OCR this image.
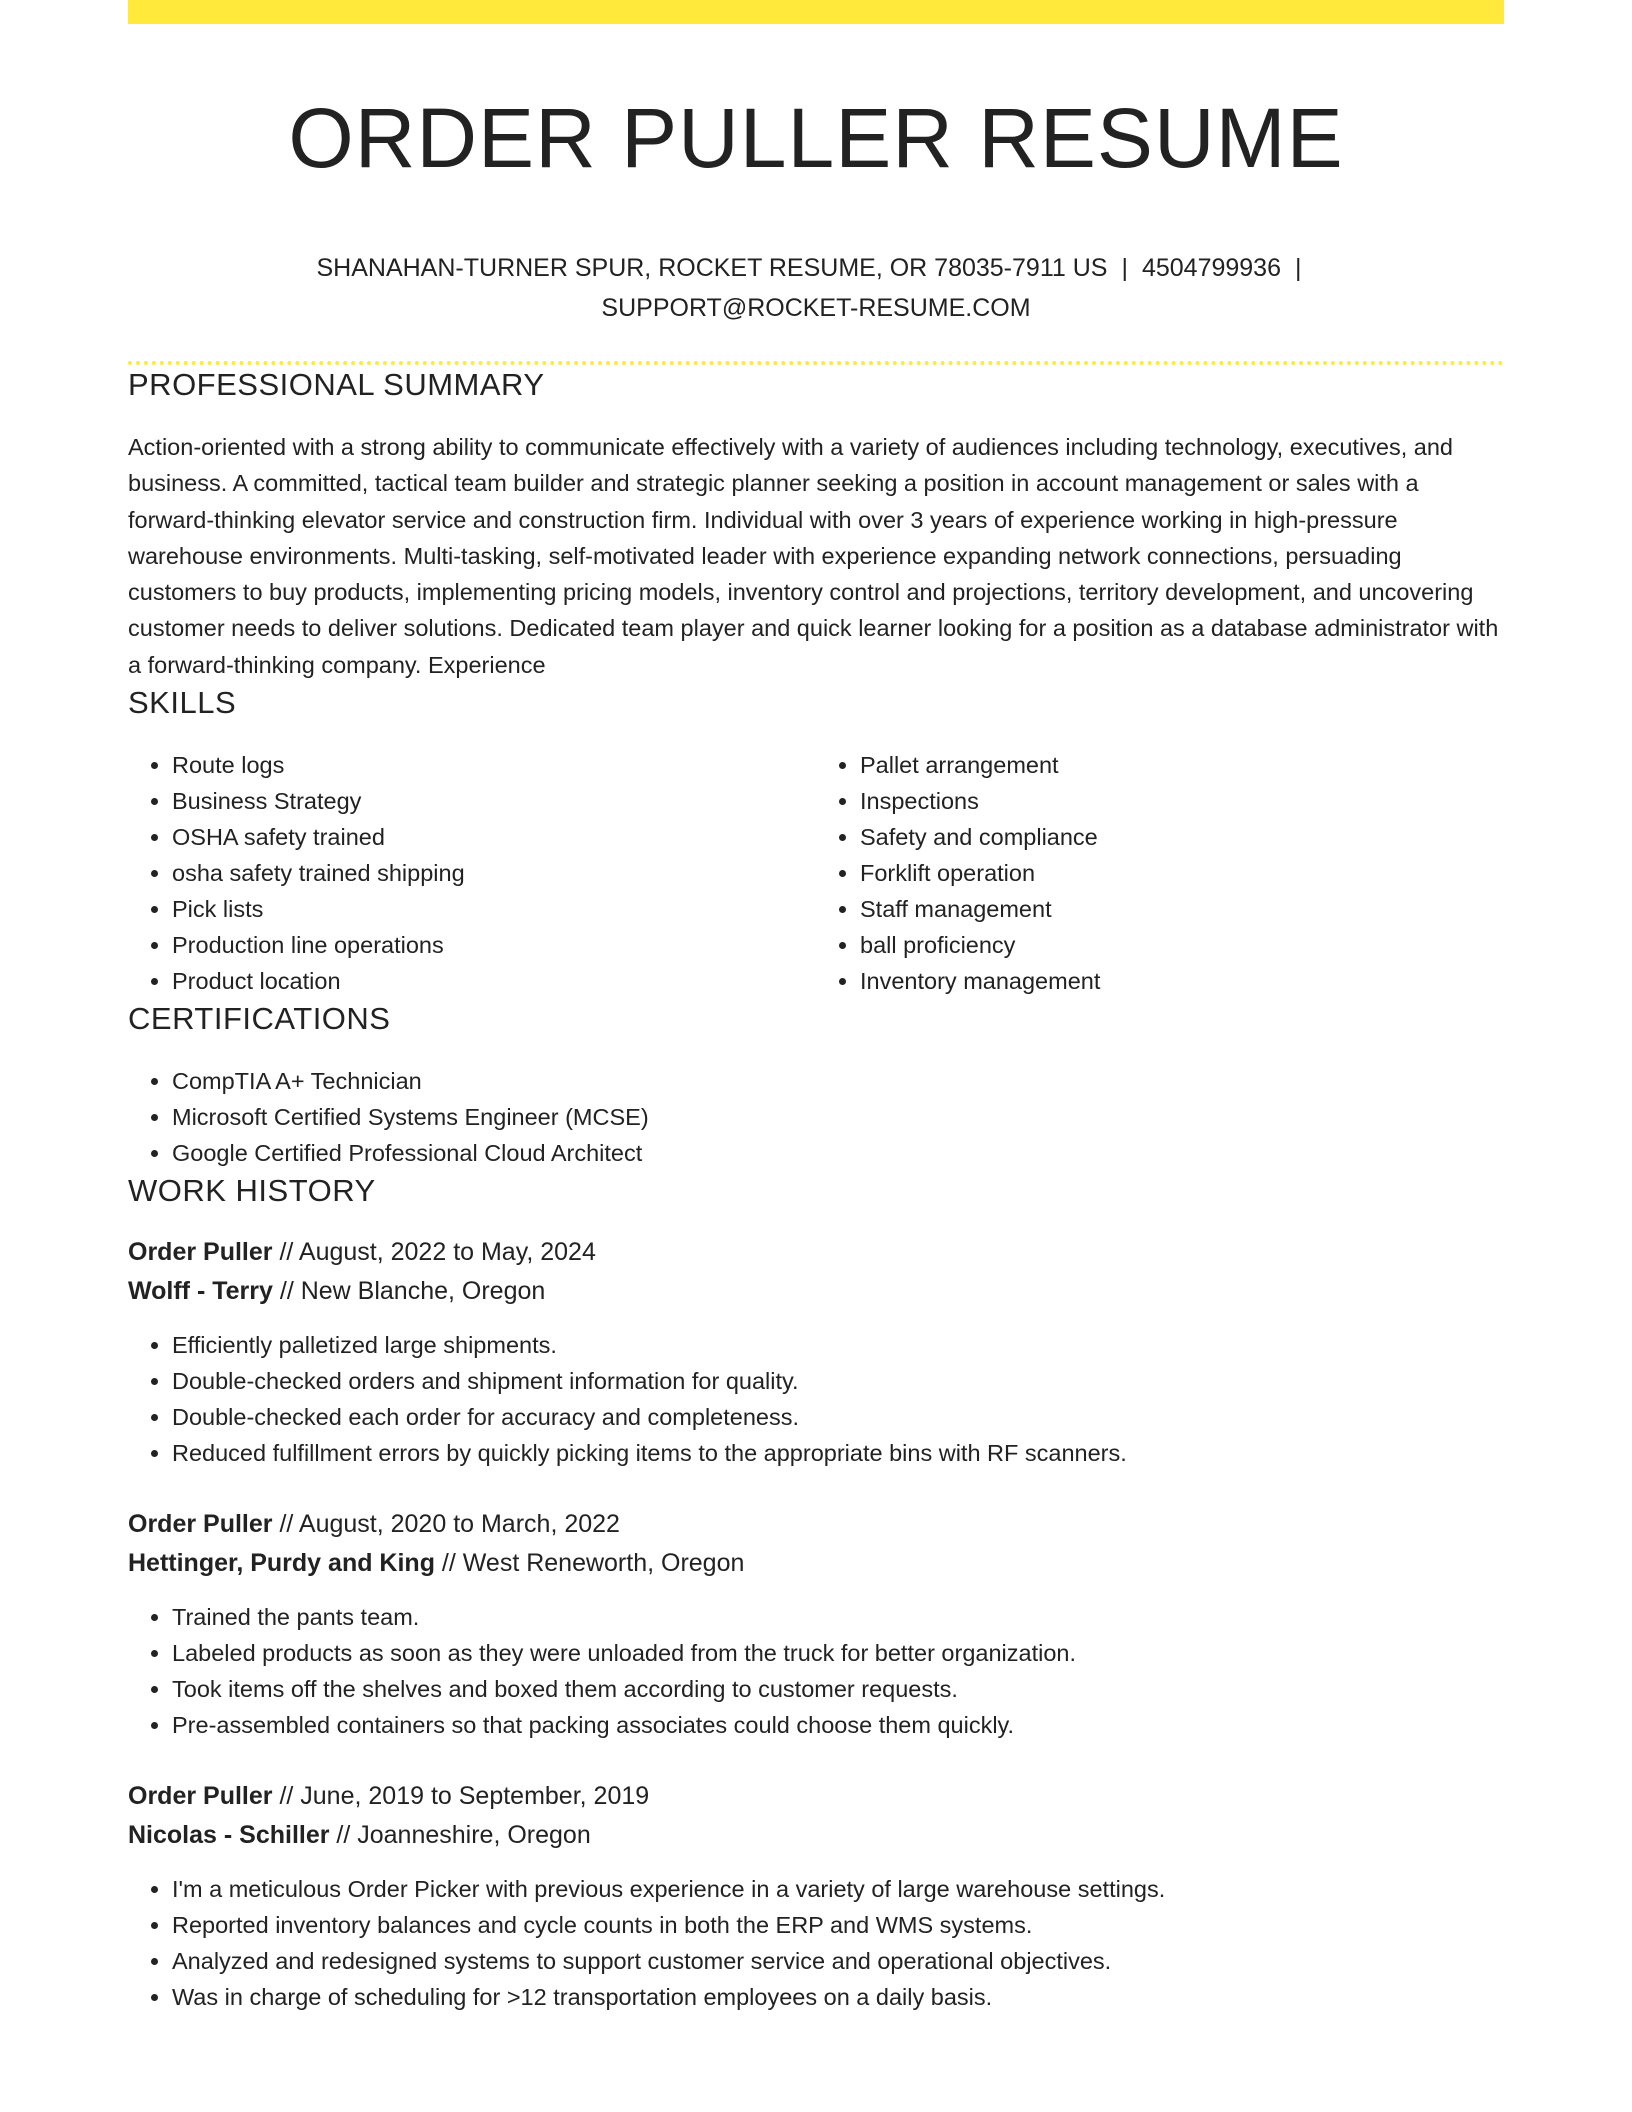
ORDER PULLER RESUME
SHANAHAN-TURNER SPUR, ROCKET RESUME, OR 78035-7911 US | 4504799936 |
SUPPORT@ROCKET-RESUME.COM
PROFESSIONAL SUMMARY
Action-oriented with a strong ability to communicate effectively with a variety of audiences including technology, executives, and business. A committed, tactical team builder and strategic planner seeking a position in account management or sales with a forward-thinking elevator service and construction firm. Individual with over 3 years of experience working in high-pressure warehouse environments. Multi-tasking, self-motivated leader with experience expanding network connections, persuading customers to buy products, implementing pricing models, inventory control and projections, territory development, and uncovering customer needs to deliver solutions. Dedicated team player and quick learner looking for a position as a database administrator with a forward-thinking company. Experience
SKILLS
• Route logs
• Business Strategy
• OSHA safety trained
• osha safety trained shipping
• Pick lists
• Production line operations
• Product location
• Pallet arrangement
• Inspections
• Safety and compliance
• Forklift operation
• Staff management
• ball proficiency
• Inventory management
CERTIFICATIONS
• CompTIA A+ Technician
• Microsoft Certified Systems Engineer (MCSE)
• Google Certified Professional Cloud Architect
WORK HISTORY
Order Puller // August, 2022 to May, 2024
Wolff - Terry // New Blanche, Oregon
• Efficiently palletized large shipments.
• Double-checked orders and shipment information for quality.
• Double-checked each order for accuracy and completeness.
• Reduced fulfillment errors by quickly picking items to the appropriate bins with RF scanners.
Order Puller // August, 2020 to March, 2022
Hettinger, Purdy and King // West Reneworth, Oregon
• Trained the pants team.
• Labeled products as soon as they were unloaded from the truck for better organization.
• Took items off the shelves and boxed them according to customer requests.
• Pre-assembled containers so that packing associates could choose them quickly.
Order Puller // June, 2019 to September, 2019
Nicolas - Schiller // Joanneshire, Oregon
• I'm a meticulous Order Picker with previous experience in a variety of large warehouse settings.
• Reported inventory balances and cycle counts in both the ERP and WMS systems.
• Analyzed and redesigned systems to support customer service and operational objectives.
• Was in charge of scheduling for >12 transportation employees on a daily basis.
